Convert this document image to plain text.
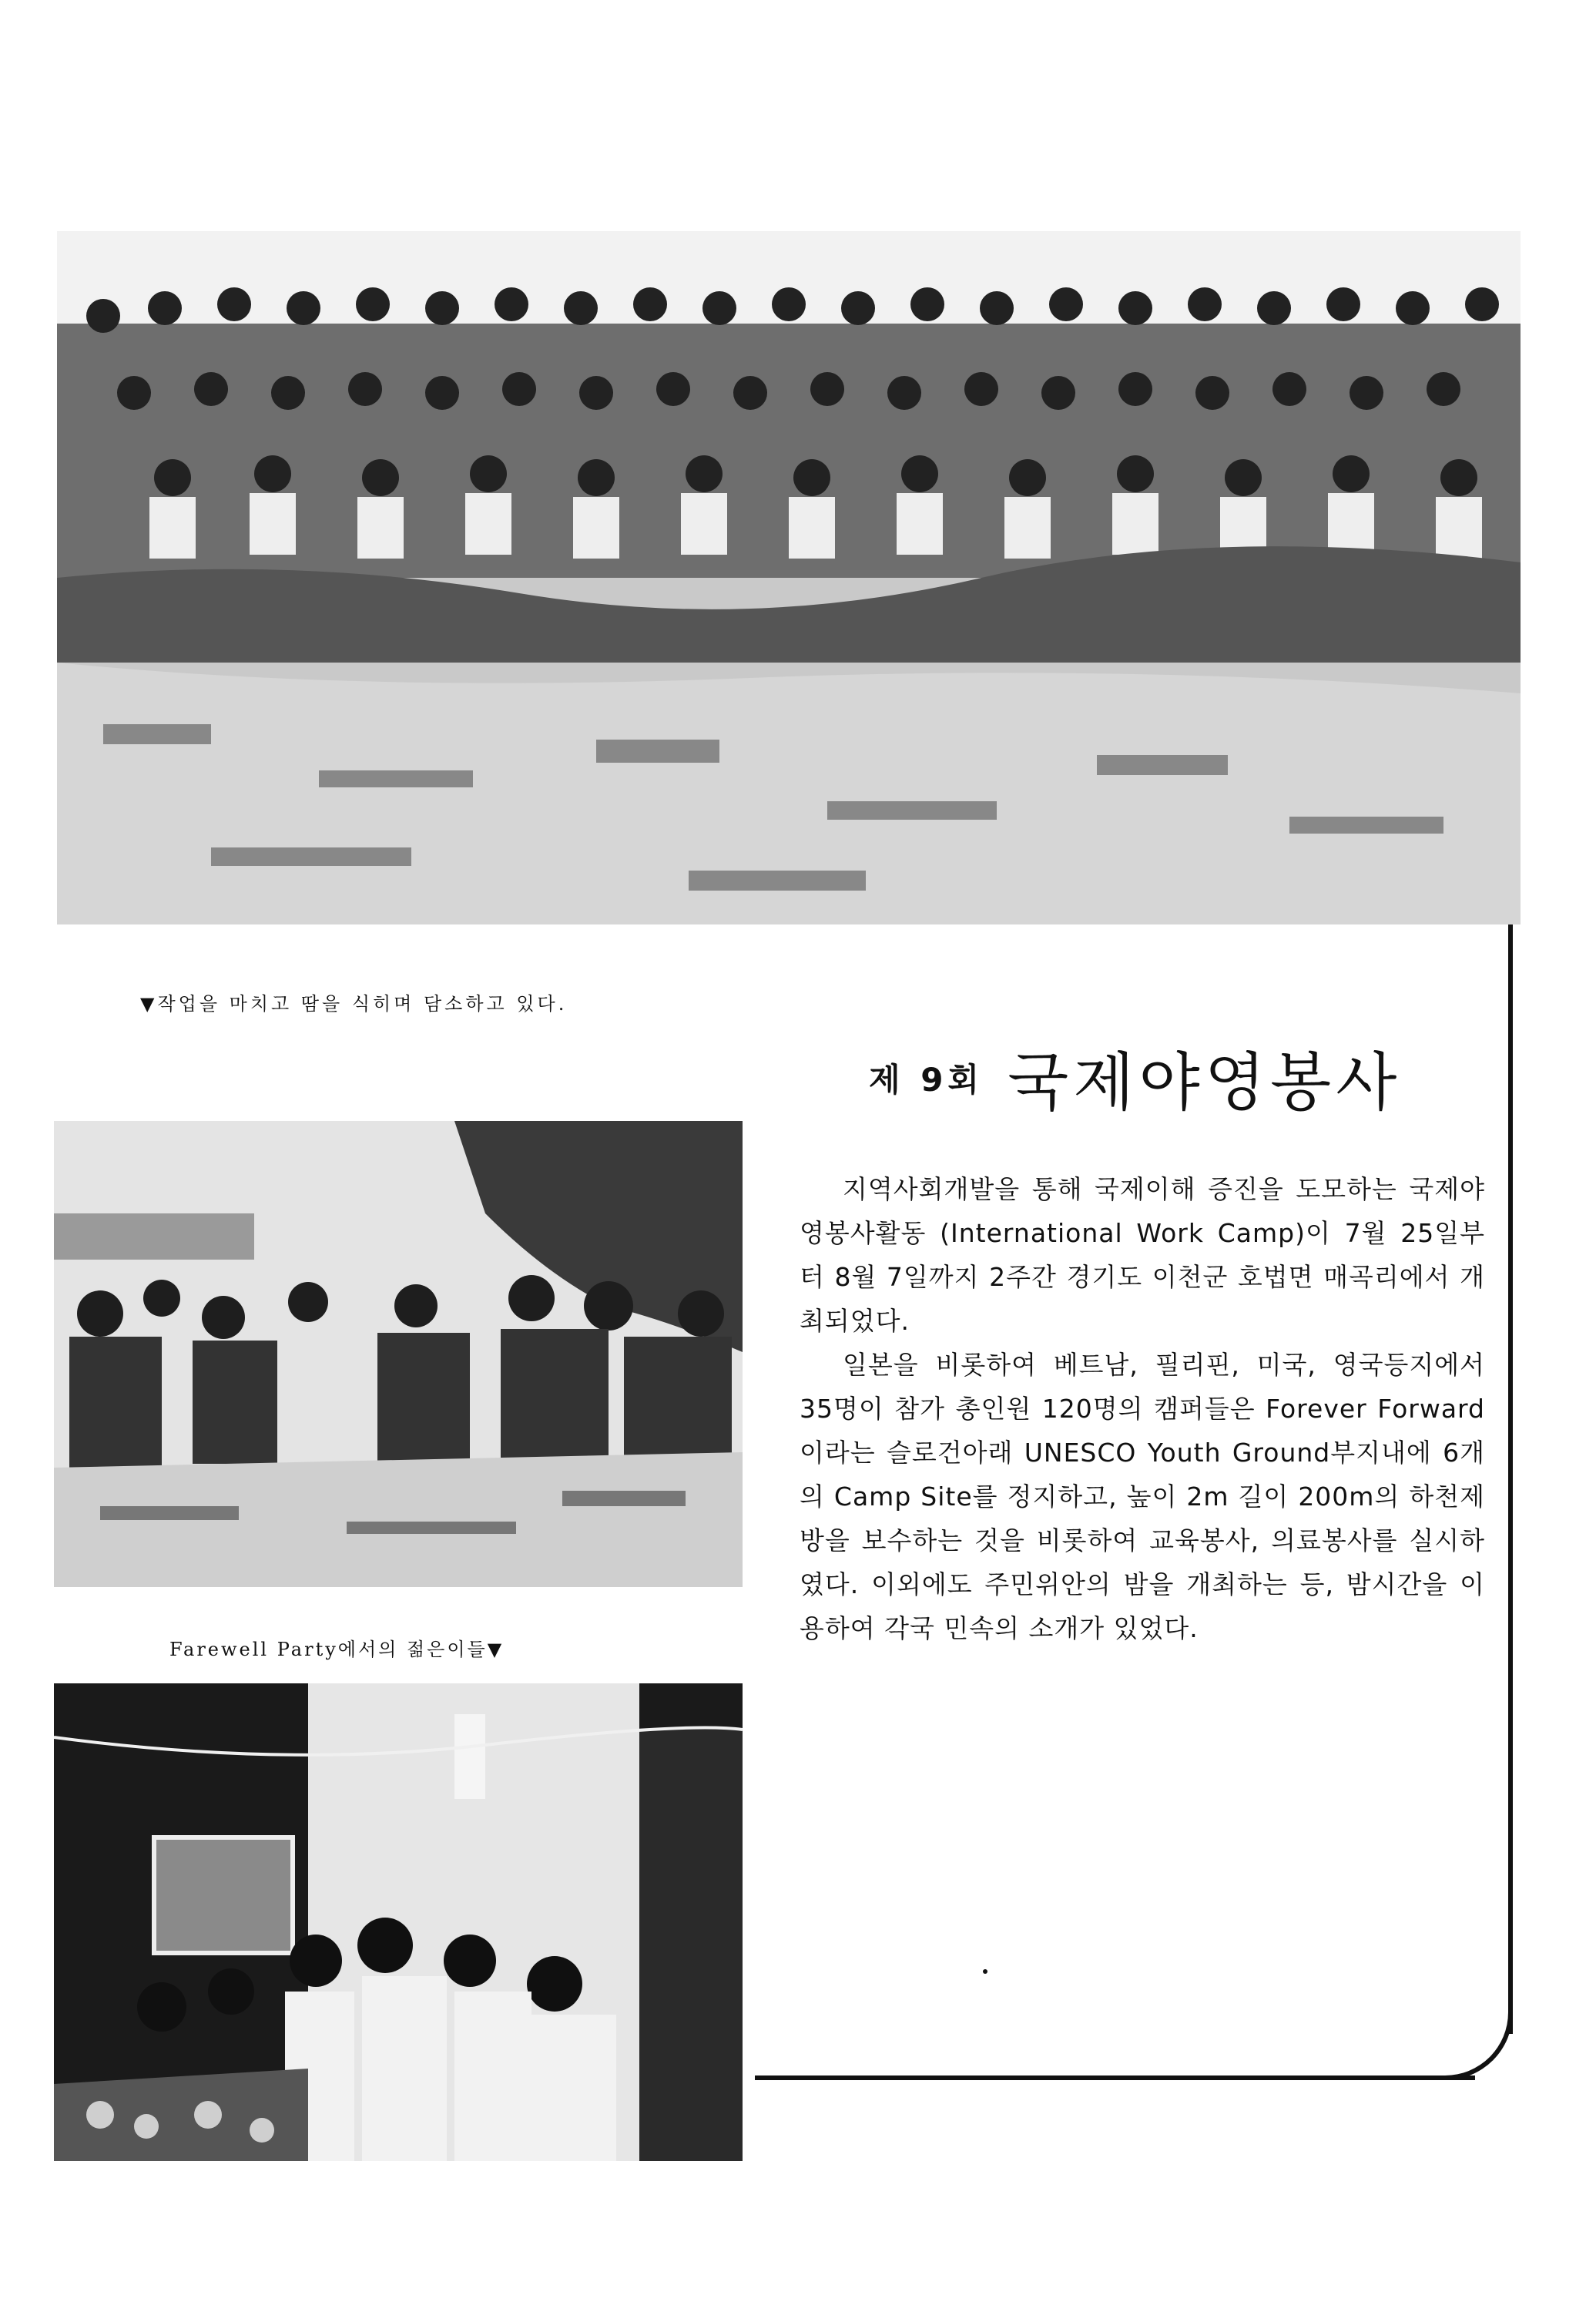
▼작업을 마치고 땀을 식히며 담소하고 있다.
Farewell Party에서의 젊은이들▼
제 9회 국제야영봉사

지역사회개발을 통해 국제이해 증진을 도모하는 국제야영봉사활동 (International Work Camp)이 7월 25일부터 8월 7일까지 2주간 경기도 이천군 호법면 매곡리에서 개최되었다.

일본을 비롯하여 베트남, 필리핀, 미국, 영국등지에서 35명이 참가 총인원 120명의 캠퍼들은 Forever Forward이라는 슬로건아래 UNESCO Youth Ground부지내에 6개의 Camp Site를 정지하고, 높이 2m 길이 200m의 하천제방을 보수하는 것을 비롯하여 교육봉사, 의료봉사를 실시하였다. 이외에도 주민위안의 밤을 개최하는 등, 밤시간을 이용하여 각국 민속의 소개가 있었다.
